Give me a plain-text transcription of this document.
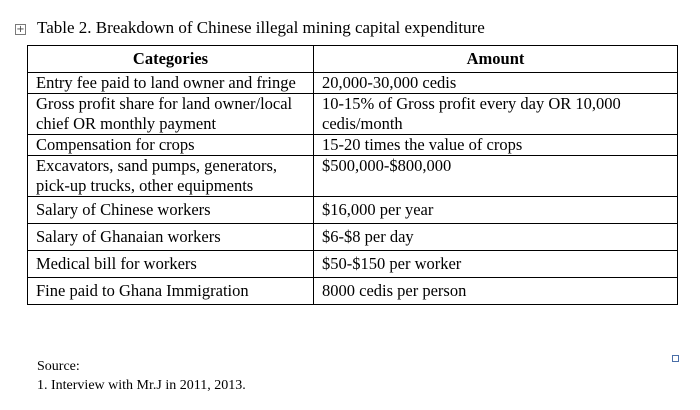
+ Table 2. Breakdown of Chinese illegal mining capital expenditure
Categories	Amount
Entry fee paid to land owner and fringe	20,000-30,000 cedis
Gross profit share for land owner/local chief OR monthly payment	10-15% of Gross profit every day OR 10,000 cedis/month
Compensation for crops	15-20 times the value of crops
Excavators, sand pumps, generators, pick-up trucks, other equipments	$500,000-$800,000
Salary of Chinese workers	$16,000 per year
Salary of Ghanaian workers	$6-$8 per day
Medical bill for workers	$50-$150 per worker
Fine paid to Ghana Immigration	8000 cedis per person
Source:
1. Interview with Mr.J in 2011, 2013.
